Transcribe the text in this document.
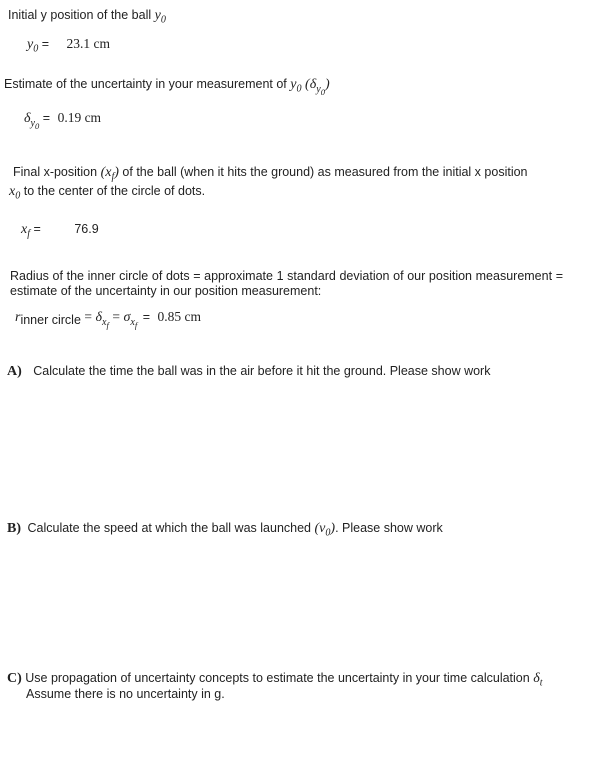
Initial y position of the ball $y_0$
$y_0 = 23.1$ cm
Estimate of the uncertainty in your measurement of $y_0$ $(\delta_{y_0})$
$\delta_{y_0} = 0.19$ cm
Final x-position $(x_f)$ of the ball (when it hits the ground) as measured from the initial x position
$x_0$ to the center of the circle of dots.
$x_f$ =	76.9
Radius of the inner circle of dots = approximate 1 standard deviation of our position measurement = estimate of the uncertainty in our position measurement:
$r_{inner circle} = \delta_{x_f} = \sigma_{x_f} = 0.85$ cm
A) Calculate the time the ball was in the air before it hit the ground. Please show work
B) Calculate the speed at which the ball was launched $(v_0)$. Please show work
C) Use propagation of uncertainty concepts to estimate the uncertainty in your time calculation $\delta_t$
Assume there is no uncertainty in g.
